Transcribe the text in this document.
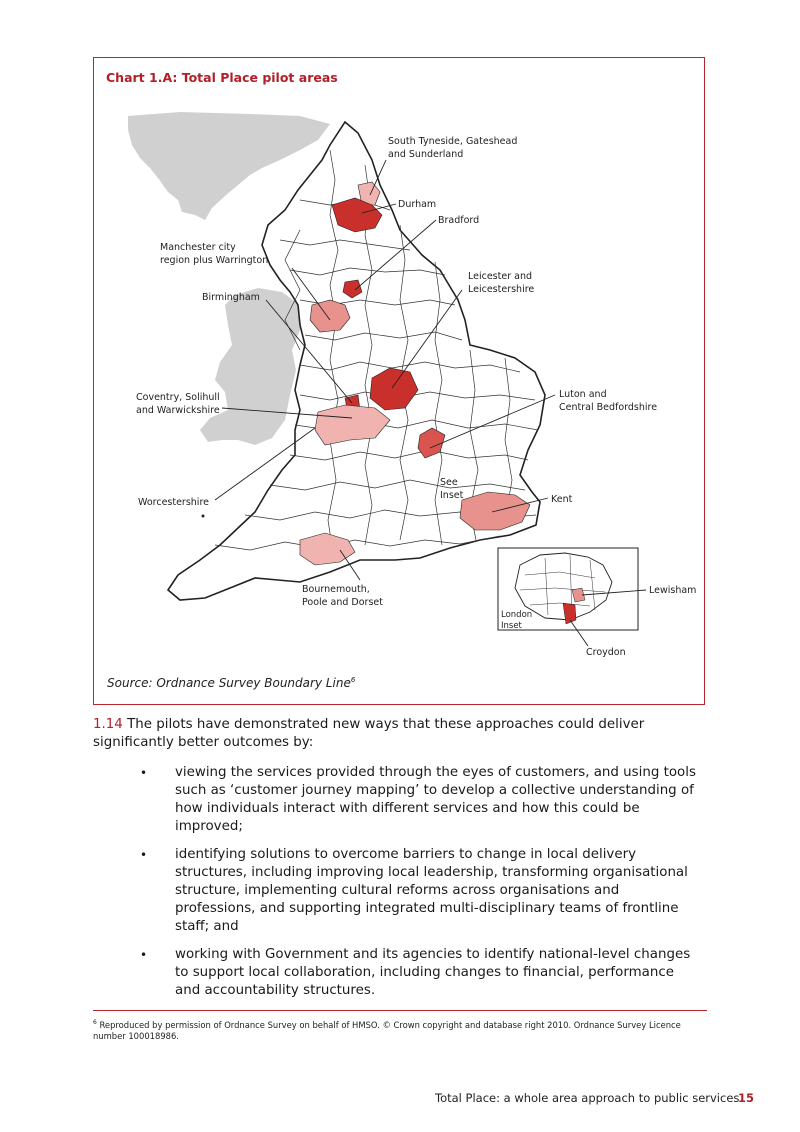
Chart 1.A: Total Place pilot areas
South Tyneside, Gateshead
and Sunderland
Durham
Bradford
Manchester city
region plus Warrington
Leicester and
Leicestershire
Birmingham
Coventry, Solihull
and Warwickshire
Luton and
Central Bedfordshire
See
Inset	Kent
Worcestershire
Bournemouth,
Poole and Dorset
Lewisham
London
Inset
Croydon
Source: Ordnance Survey Boundary Line$^6$
1.14 The pilots have demonstrated new ways that these approaches could deliver significantly better outcomes by:
• viewing the services provided through the eyes of customers, and using tools such as ‘customer journey mapping’ to develop a collective understanding of how individuals interact with different services and how this could be improved;
• identifying solutions to overcome barriers to change in local delivery structures, including improving local leadership, transforming organisational structure, implementing cultural reforms across organisations and professions, and supporting integrated multi-disciplinary teams of frontline staff; and
• working with Government and its agencies to identify national-level changes to support local collaboration, including changes to financial, performance and accountability structures.
$^6$ Reproduced by permission of Ordnance Survey on behalf of HMSO. © Crown copyright and database right 2010. Ordnance Survey Licence number 100018986.
Total Place: a whole area approach to public services
15
